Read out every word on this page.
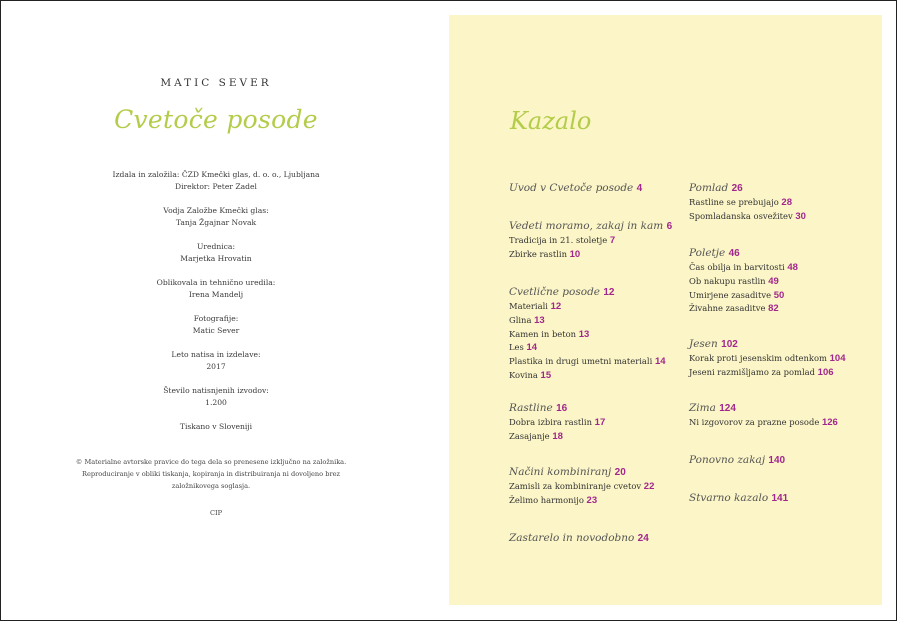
MATIC SEVER
Cvetoče posode
Izdala in založila: ČZD Kmečki glas, d. o. o., Ljubljana
Direktor: Peter Zadel
Vodja Založbe Kmečki glas:
Tanja Žgajnar Novak
Urednica:
Marjetka Hrovatin
Oblikovala in tehnično uredila:
Irena Mandelj
Fotografije:
Matic Sever
Leto natisa in izdelave:
2017
Število natisnjenih izvodov:
1.200
Tiskano v Sloveniji
© Materialne avtorske pravice do tega dela so prenesene izključno na založnika. Reproduciranje v obliki tiskanja, kopiranja in distribuiranja ni dovoljeno brez založnikovega soglasja.
CIP
Kazalo
Uvod v Cvetoče posode 4
Vedeti moramo, zakaj in kam 6
Tradicija in 21. stoletje 7
Zbirke rastlin 10
Cvetlične posode 12
Materiali 12
Glina 13
Kamen in beton 13
Les 14
Plastika in drugi umetni materiali 14
Kovina 15
Rastline 16
Dobra izbira rastlin 17
Zasajanje 18
Načini kombiniranj 20
Zamisli za kombiniranje cvetov 22
Želimo harmonijo 23
Zastarelo in novodobno 24
Pomlad 26
Rastline se prebujajo 28
Spomladanska osvežitev 30
Poletje 46
Čas obilja in barvitosti 48
Ob nakupu rastlin 49
Umirjene zasaditve 50
Živahne zasaditve 82
Jesen 102
Korak proti jesenskim odtenkom 104
Jeseni razmišljamo za pomlad 106
Zima 124
Ni izgovorov za prazne posode 126
Ponovno zakaj 140
Stvarno kazalo 141
